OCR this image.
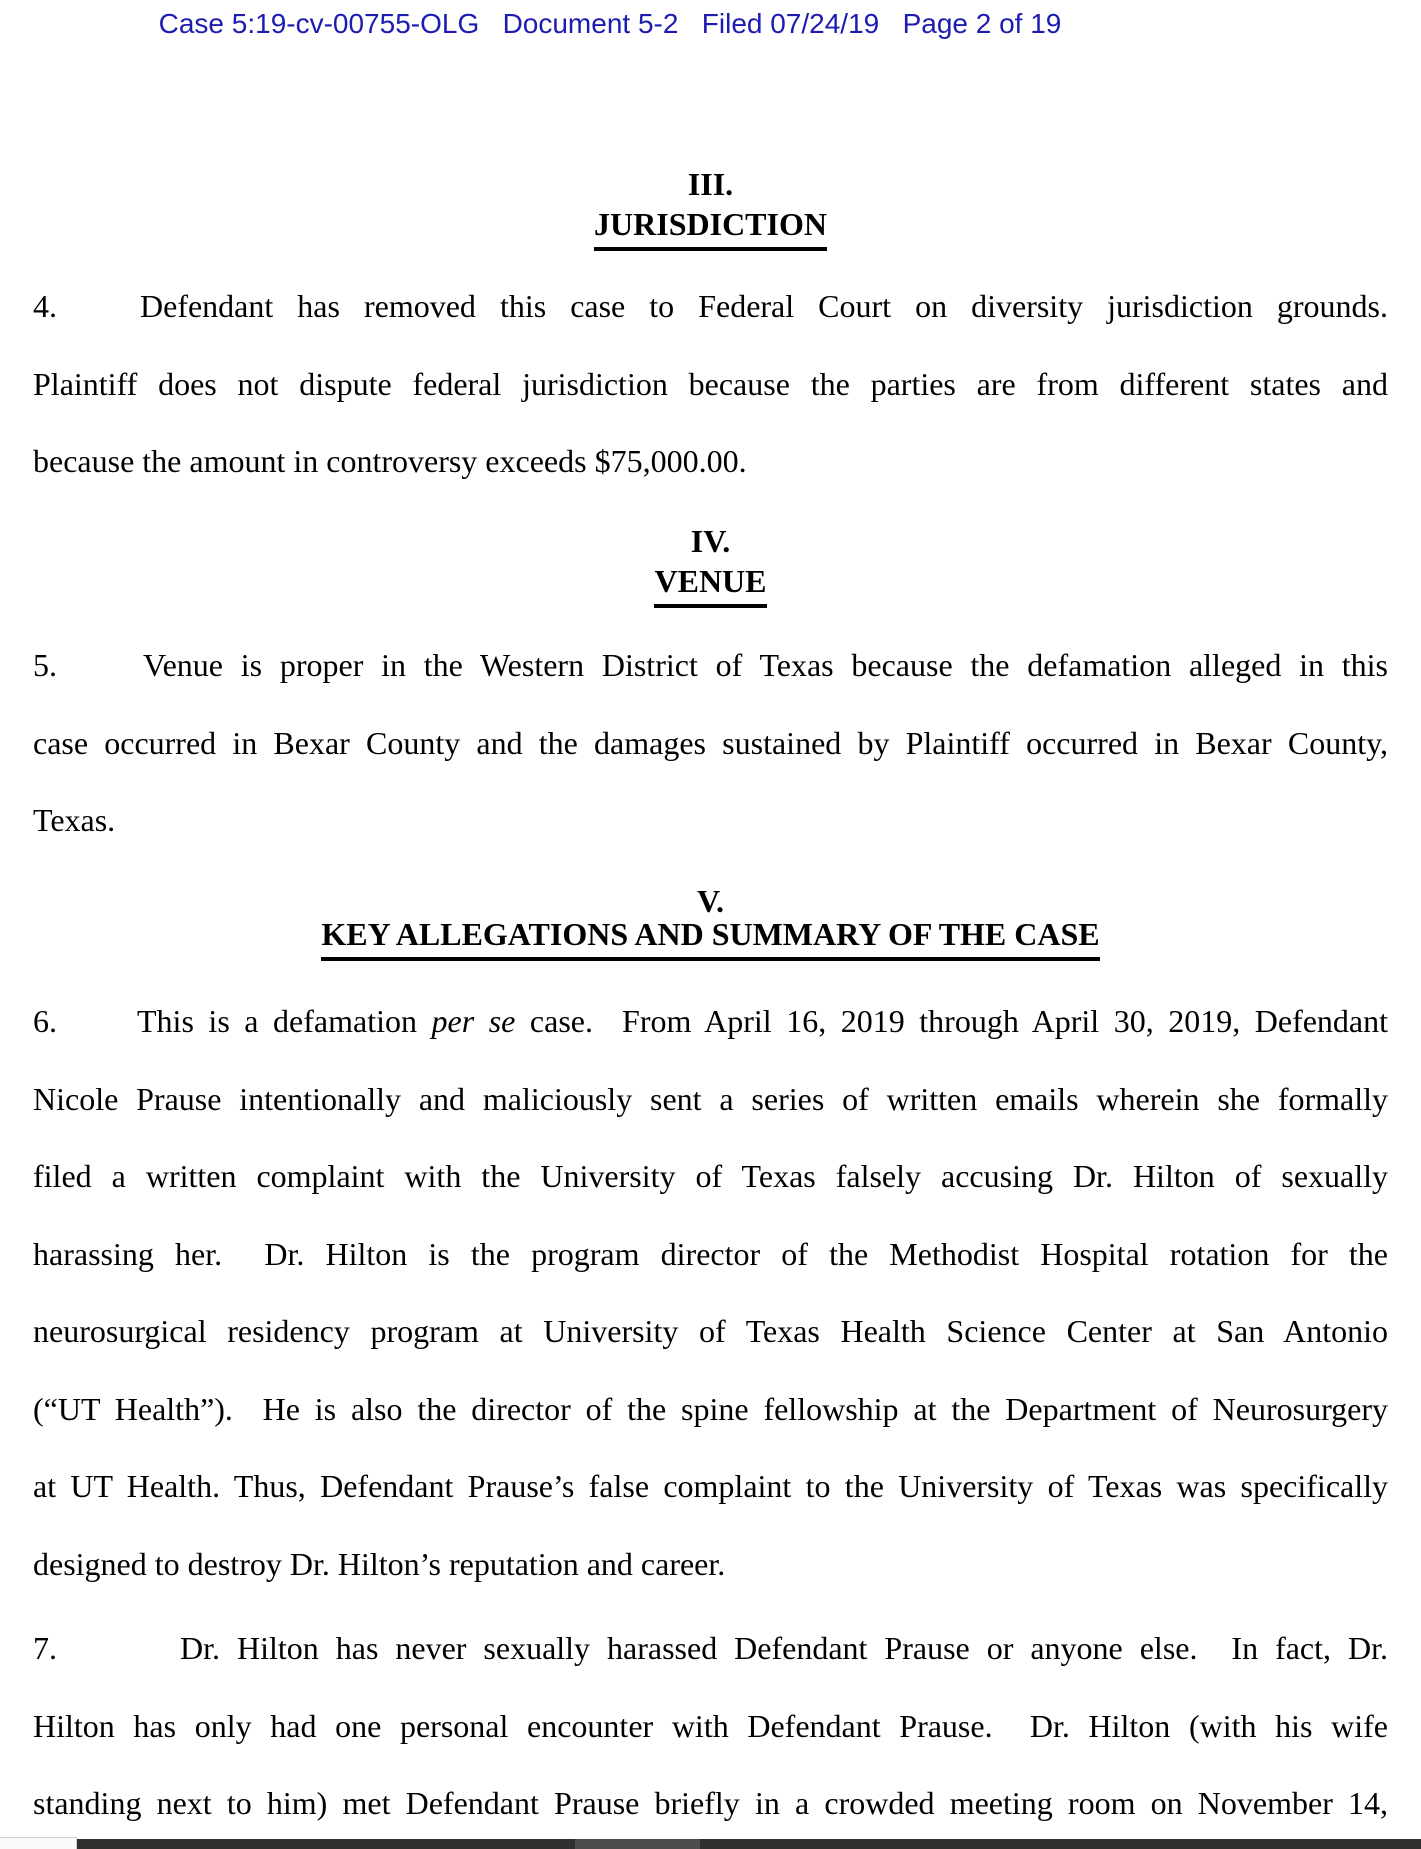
Case 5:19-cv-00755-OLG   Document 5-2   Filed 07/24/19   Page 2 of 19
III.
JURISDICTION
4.	Defendant has removed this case to Federal Court on diversity jurisdiction grounds.
Plaintiff does not dispute federal jurisdiction because the parties are from different states and
because the amount in controversy exceeds $75,000.00.
IV.
VENUE
5.	Venue is proper in the Western District of Texas because the defamation alleged in this
case occurred in Bexar County and the damages sustained by Plaintiff occurred in Bexar County,
Texas.
V.
KEY ALLEGATIONS AND SUMMARY OF THE CASE
6.	This is a defamation per se case.  From April 16, 2019 through April 30, 2019, Defendant
Nicole Prause intentionally and maliciously sent a series of written emails wherein she formally
filed a written complaint with the University of Texas falsely accusing Dr. Hilton of sexually
harassing her.  Dr. Hilton is the program director of the Methodist Hospital rotation for the
neurosurgical residency program at University of Texas Health Science Center at San Antonio
(“UT Health”).  He is also the director of the spine fellowship at the Department of Neurosurgery
at UT Health. Thus, Defendant Prause’s false complaint to the University of Texas was specifically
designed to destroy Dr. Hilton’s reputation and career.
7.	Dr. Hilton has never sexually harassed Defendant Prause or anyone else.  In fact, Dr.
Hilton has only had one personal encounter with Defendant Prause.  Dr. Hilton (with his wife
standing next to him) met Defendant Prause briefly in a crowded meeting room on November 14,
